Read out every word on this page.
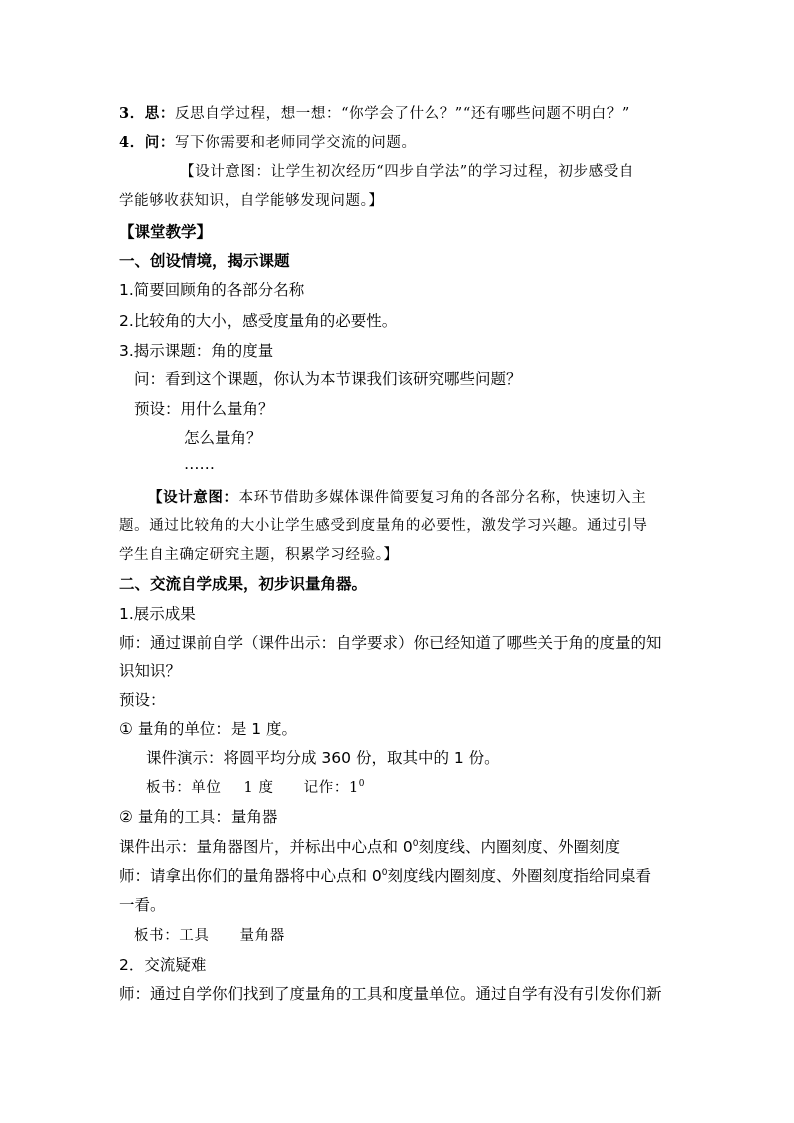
3．思：反思自学过程，想一想：“你学会了什么？”“还有哪些问题不明白？”
4．问：写下你需要和老师同学交流的问题。
【设计意图：让学生初次经历“四步自学法”的学习过程，初步感受自
学能够收获知识，自学能够发现问题。】
【课堂教学】
一、创设情境，揭示课题
1.简要回顾角的各部分名称
2.比较角的大小，感受度量角的必要性。
3.揭示课题：角的度量
问：看到这个课题，你认为本节课我们该研究哪些问题？
预设：用什么量角？
怎么量角？
……
【设计意图：本环节借助多媒体课件简要复习角的各部分名称，快速切入主
题。通过比较角的大小让学生感受到度量角的必要性，激发学习兴趣。通过引导
学生自主确定研究主题，积累学习经验。】
二、交流自学成果，初步识量角器。
1.展示成果
师：通过课前自学（课件出示：自学要求）你已经知道了哪些关于角的度量的知
识知识？
预设：
① 量角的单位：是 1 度。
课件演示：将圆平均分成 360 份，取其中的 1 份。
板书：单位 1 度 记作：$1^0$
② 量角的工具：量角器
课件出示：量角器图片，并标出中心点和 $0^0$刻度线、内圈刻度、外圈刻度
师：请拿出你们的量角器将中心点和 $0^0$刻度线内圈刻度、外圈刻度指给同桌看
一看。
板书：工具 量角器
2．交流疑难
师：通过自学你们找到了度量角的工具和度量单位。通过自学有没有引发你们新
